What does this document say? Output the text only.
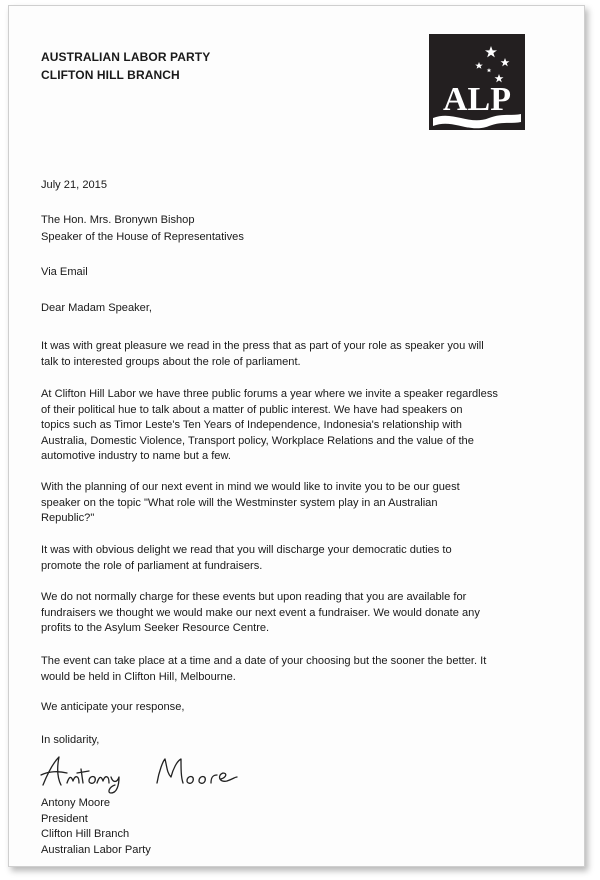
AUSTRALIAN LABOR PARTY
CLIFTON HILL BRANCH
ALP
July 21, 2015
The Hon. Mrs. Bronywn Bishop
Speaker of the House of Representatives
Via Email
Dear Madam Speaker,
It was with great pleasure we read in the press that as part of your role as speaker you will
talk to interested groups about the role of parliament.
At Clifton Hill Labor we have three public forums a year where we invite a speaker regardless
of their political hue to talk about a matter of public interest. We have had speakers on
topics such as Timor Leste's Ten Years of Independence, Indonesia's relationship with
Australia, Domestic Violence, Transport policy, Workplace Relations and the value of the
automotive industry to name but a few.
With the planning of our next event in mind we would like to invite you to be our guest
speaker on the topic "What role will the Westminster system play in an Australian
Republic?"
It was with obvious delight we read that you will discharge your democratic duties to
promote the role of parliament at fundraisers.
We do not normally charge for these events but upon reading that you are available for
fundraisers we thought we would make our next event a fundraiser. We would donate any
profits to the Asylum Seeker Resource Centre.
The event can take place at a time and a date of your choosing but the sooner the better. It
would be held in Clifton Hill, Melbourne.
We anticipate your response,
In solidarity,
Antony Moore
President
Clifton Hill Branch
Australian Labor Party
